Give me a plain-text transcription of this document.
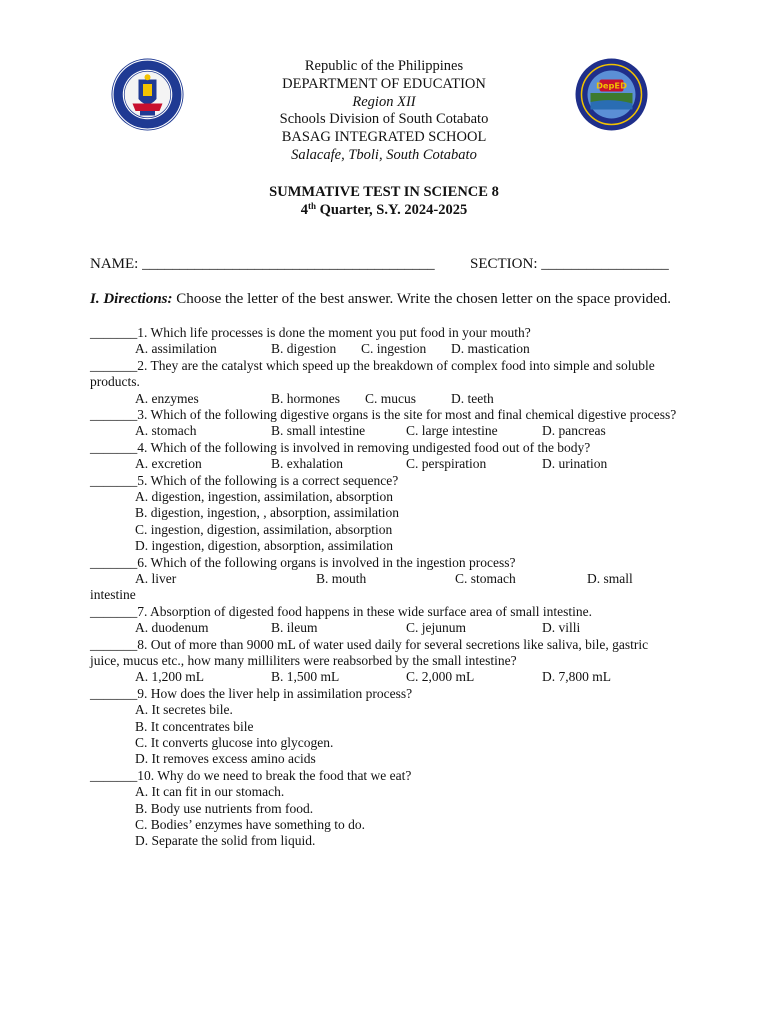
DepED
Republic of the Philippines
DEPARTMENT OF EDUCATION
Region XII
Schools Division of South Cotabato
BASAG INTEGRATED SCHOOL
Salacafe, Tboli, South Cotabato
SUMMATIVE TEST IN SCIENCE 8
4th Quarter, S.Y. 2024-2025
NAME: _______________________________________ SECTION: _________________
I. Directions: Choose the letter of the best answer. Write the chosen letter on the space provided.
_______1. Which life processes is done the moment you put food in your mouth?
A. assimilation	B. digestion C. ingestion D. mastication
_______2. They are the catalyst which speed up the breakdown of complex food into simple and soluble products.
A. enzymes	B. hormones C. mucus	D. teeth
_______3. Which of the following digestive organs is the site for most and final chemical digestive process?
A. stomach	B. small intestine	C. large intestine	D. pancreas
_______4. Which of the following is involved in removing undigested food out of the body?
A. excretion	B. exhalation	C. perspiration	D. urination
_______5. Which of the following is a correct sequence?
A. digestion, ingestion, assimilation, absorption
B. digestion, ingestion, , absorption, assimilation
C. ingestion, digestion, assimilation, absorption
D. ingestion, digestion, absorption, assimilation
_______6. Which of the following organs is involved in the ingestion process?
A. liver	B. mouth	C. stomach	D. small
intestine
_______7. Absorption of digested food happens in these wide surface area of small intestine.
A. duodenum	B. ileum	C. jejunum	D. villi
_______8. Out of more than 9000 mL of water used daily for several secretions like saliva, bile, gastric juice, mucus etc., how many milliliters were reabsorbed by the small intestine?
A. 1,200 mL	B. 1,500 mL	C. 2,000 mL	D. 7,800 mL
_______9. How does the liver help in assimilation process?
A. It secretes bile.
B. It concentrates bile
C. It converts glucose into glycogen.
D. It removes excess amino acids
_______10. Why do we need to break the food that we eat?
A. It can fit in our stomach.
B. Body use nutrients from food.
C. Bodies’ enzymes have something to do.
D. Separate the solid from liquid.
